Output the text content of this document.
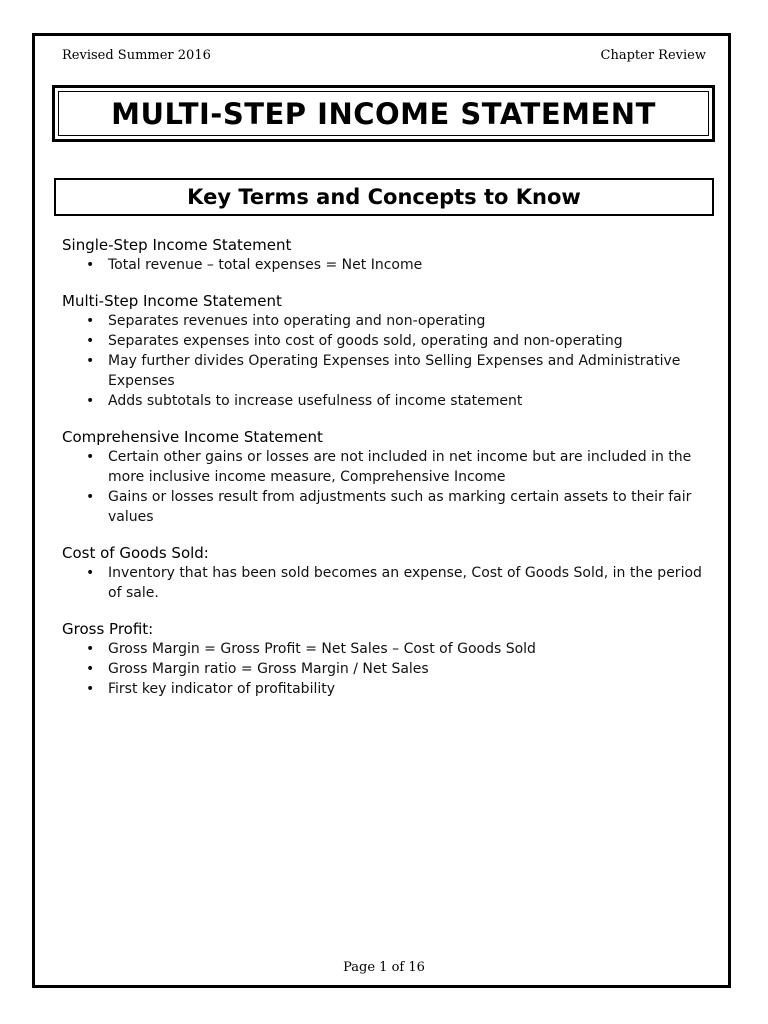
Revised Summer 2016	Chapter Review
MULTI-STEP INCOME STATEMENT
Key Terms and Concepts to Know
Single-Step Income Statement
• Total revenue – total expenses = Net Income
Multi-Step Income Statement
• Separates revenues into operating and non-operating
• Separates expenses into cost of goods sold, operating and non-operating
• May further divides Operating Expenses into Selling Expenses and Administrative Expenses
• Adds subtotals to increase usefulness of income statement
Comprehensive Income Statement
• Certain other gains or losses are not included in net income but are included in the more inclusive income measure, Comprehensive Income
• Gains or losses result from adjustments such as marking certain assets to their fair values
Cost of Goods Sold:
• Inventory that has been sold becomes an expense, Cost of Goods Sold, in the period of sale.
Gross Profit:
• Gross Margin = Gross Profit = Net Sales – Cost of Goods Sold
• Gross Margin ratio = Gross Margin / Net Sales
• First key indicator of profitability
Page 1 of 16
